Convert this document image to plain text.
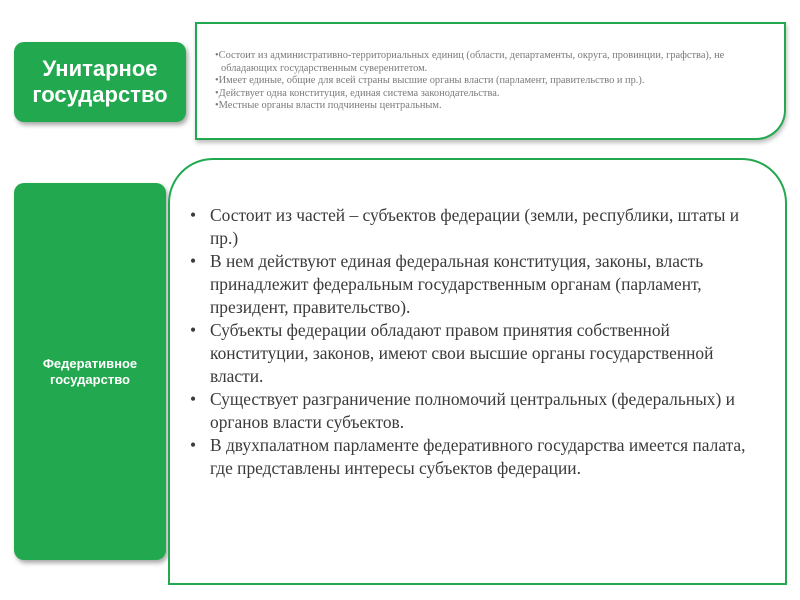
Унитарное государство
• Состоит из административно-территориальных единиц (области, департаменты, округа, провинции, графства), не обладающих государственным суверенитетом.
• Имеет единые, общие для всей страны высшие органы власти (парламент, правительство и пр.).
• Действует одна конституция, единая система законодательства.
• Местные органы власти подчинены центральным.
Федеративное государство
• Состоит из частей – субъектов федерации (земли, республики, штаты и пр.)
• В нем действуют единая федеральная конституция, законы, власть принадлежит федеральным государственным органам (парламент, президент, правительство).
• Субъекты федерации обладают правом принятия собственной конституции, законов, имеют свои высшие органы государственной власти.
• Существует разграничение полномочий центральных (федеральных) и органов власти субъектов.
• В двухпалатном парламенте федеративного государства имеется палата, где представлены интересы субъектов федерации.
